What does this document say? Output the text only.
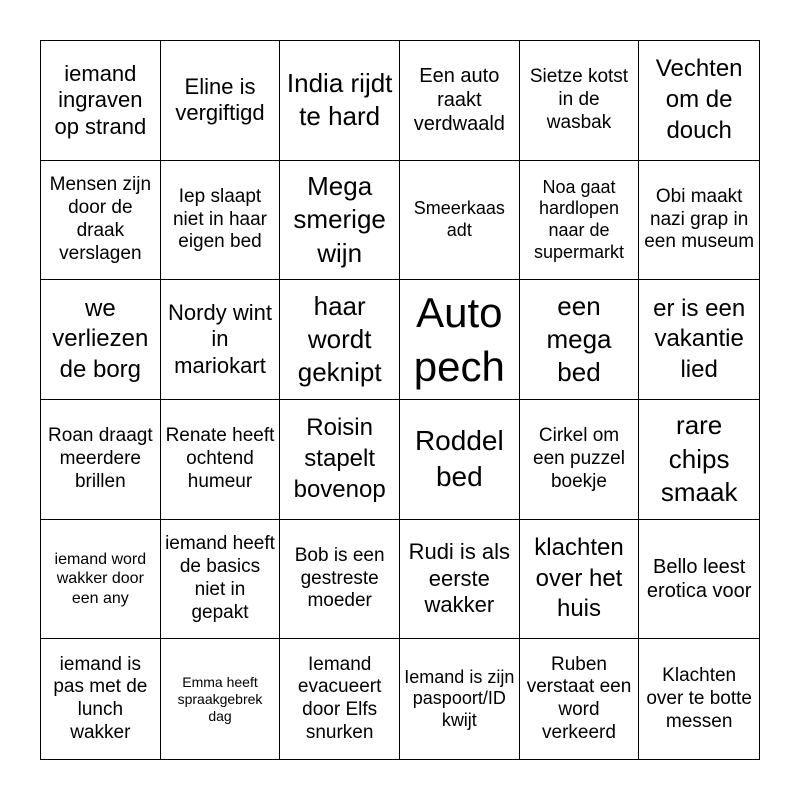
iemand ingraven op strand
Eline is vergiftigd
India rijdt te hard
Een auto raakt verdwaald
Sietze kotst in de wasbak
Vechten om de douch
Mensen zijn door de draak verslagen
Iep slaapt niet in haar eigen bed
Mega smerige wijn
Smeerkaas adt
Noa gaat hardlopen naar de supermarkt
Obi maakt nazi grap in een museum
we verliezen de borg
Nordy wint in mariokart
haar wordt geknipt
Auto pech
een mega bed
er is een vakantie lied
Roan draagt meerdere brillen
Renate heeft ochtend humeur
Roisin stapelt bovenop
Roddel bed
Cirkel om een puzzel boekje
rare chips smaak
iemand word wakker door een any
iemand heeft de basics niet in gepakt
Bob is een gestreste moeder
Rudi is als eerste wakker
klachten over het huis
Bello leest erotica voor
iemand is pas met de lunch wakker
Emma heeft spraakgebrek dag
Iemand evacueert door Elfs snurken
Iemand is zijn paspoort/ID kwijt
Ruben verstaat een word verkeerd
Klachten over te botte messen
